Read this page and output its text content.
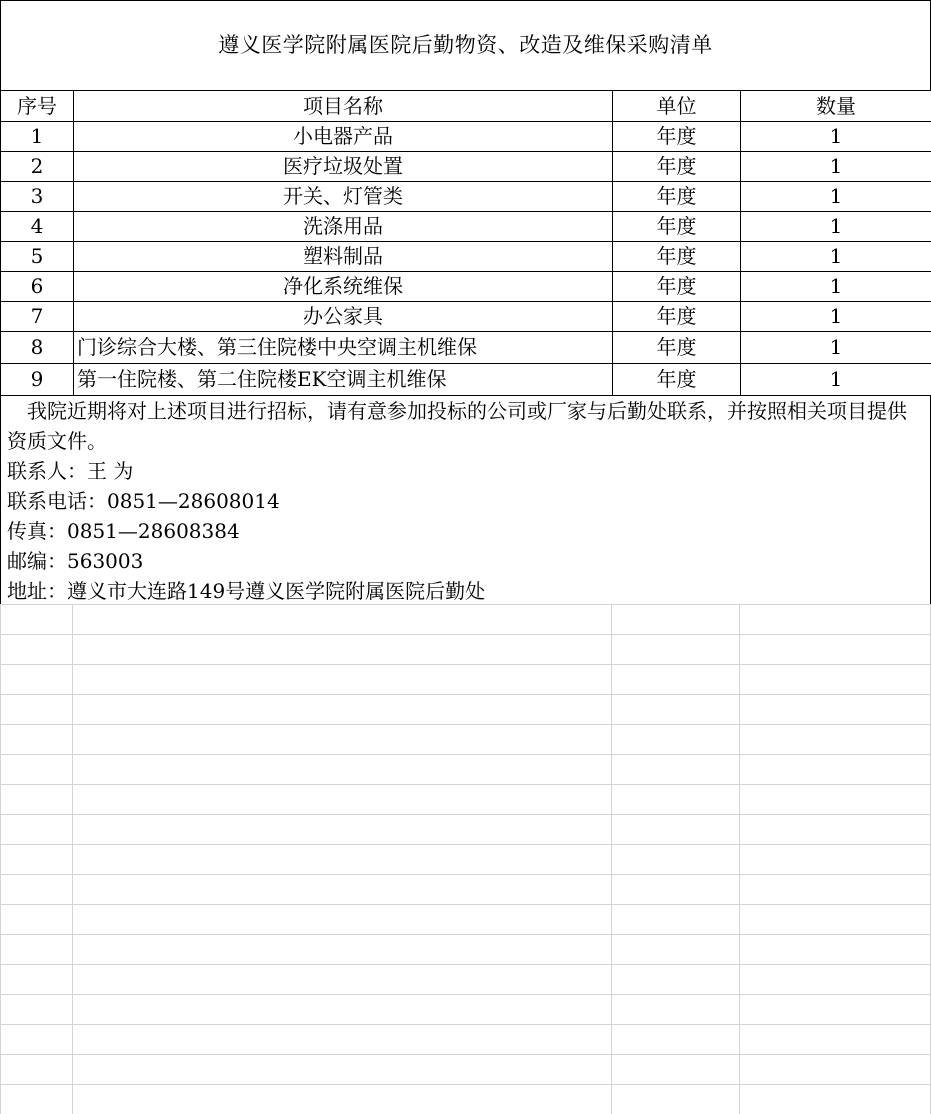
遵义医学院附属医院后勤物资、改造及维保采购清单
序号	项目名称	单位	数量
1	小电器产品	年度	1
2	医疗垃圾处置	年度	1
3	开关、灯管类	年度	1
4	洗涤用品	年度	1
5	塑料制品	年度	1
6	净化系统维保	年度	1
7	办公家具	年度	1
8	门诊综合大楼、第三住院楼中央空调主机维保	年度	1
9	第一住院楼、第二住院楼EK空调主机维保	年度	1
我院近期将对上述项目进行招标，请有意参加投标的公司或厂家与后勤处联系，并按照相关项目提供资质文件。
联系人：王 为
联系电话：0851—28608014
传真：0851—28608384
邮编：563003
地址：遵义市大连路149号遵义医学院附属医院后勤处
